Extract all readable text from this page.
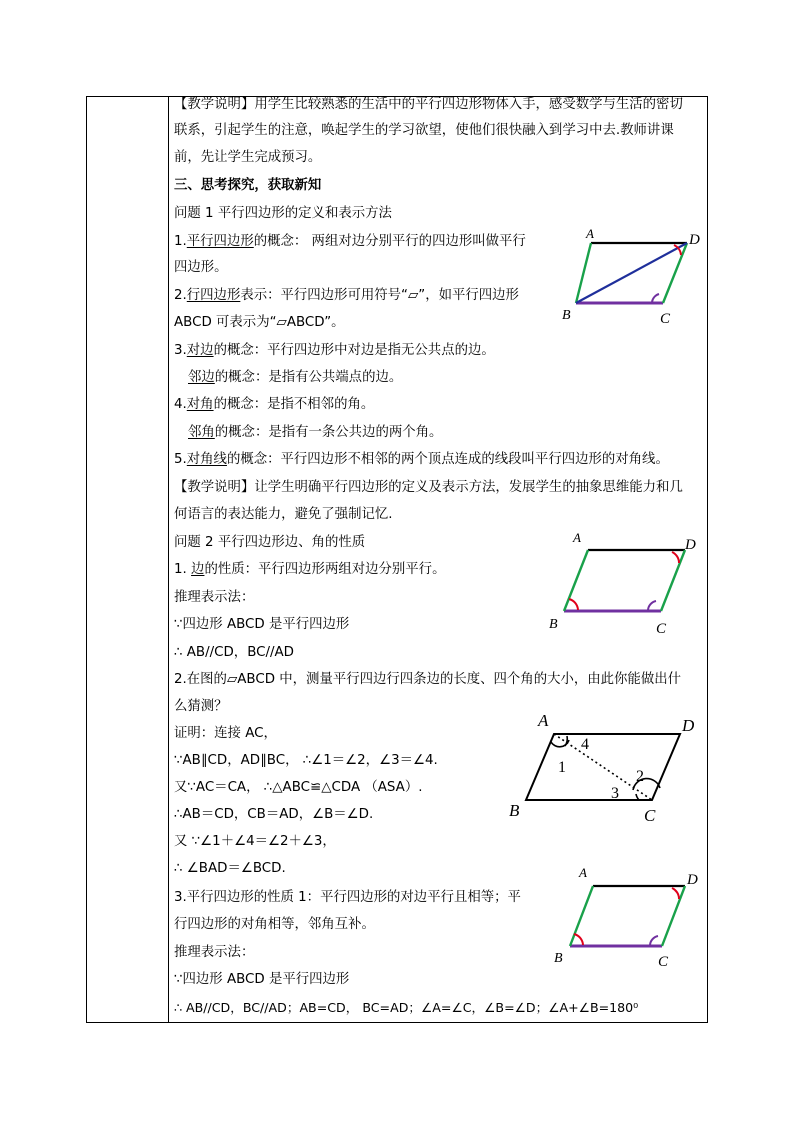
【教学说明】用学生比较熟悉的生活中的平行四边形物体入手，感受数学与生活的密切
联系，引起学生的注意，唤起学生的学习欲望，使他们很快融入到学习中去.教师讲课
前，先让学生完成预习。
三、思考探究，获取新知
问题 1 平行四边形的定义和表示方法
1.平行四边形的概念： 两组对边分别平行的四边形叫做平行
四边形。
2.行四边形表示：平行四边形可用符号“▱”，如平行四边形
ABCD 可表示为“▱ABCD”。
3.对边的概念：平行四边形中对边是指无公共点的边。
邻边的概念：是指有公共端点的边。
4.对角的概念：是指不相邻的角。
邻角的概念：是指有一条公共边的两个角。
5.对角线的概念：平行四边形不相邻的两个顶点连成的线段叫平行四边形的对角线。
【教学说明】让学生明确平行四边形的定义及表示方法，发展学生的抽象思维能力和几
何语言的表达能力，避免了强制记忆.
问题 2 平行四边形边、角的性质
1. 边的性质：平行四边形两组对边分别平行。
推理表示法：
∵四边形 ABCD 是平行四边形
∴ AB//CD，BC//AD
2.在图的▱ABCD 中，测量平行四边行四条边的长度、四个角的大小，由此你能做出什
么猜测？
证明：连接 AC，
∵AB∥CD，AD∥BC， ∴∠1＝∠2，∠3＝∠4.
又∵AC＝CA， ∴△ABC≌△CDA （ASA）.
∴AB＝CD，CB＝AD，∠B＝∠D.
又 ∵∠1＋∠4＝∠2＋∠3，
∴ ∠BAD＝∠BCD.
3.平行四边形的性质 1：平行四边形的对边平行且相等；平
行四边形的对角相等，邻角互补。
推理表示法：
∵四边形 ABCD 是平行四边形
∴ AB//CD，BC//AD；AB=CD， BC=AD；∠A=∠C，∠B=∠D；∠A+∠B=180⁰
A	D
B	C
A	D
B	C
A	D
B	C
1
4
2
3
A	D
B	C
